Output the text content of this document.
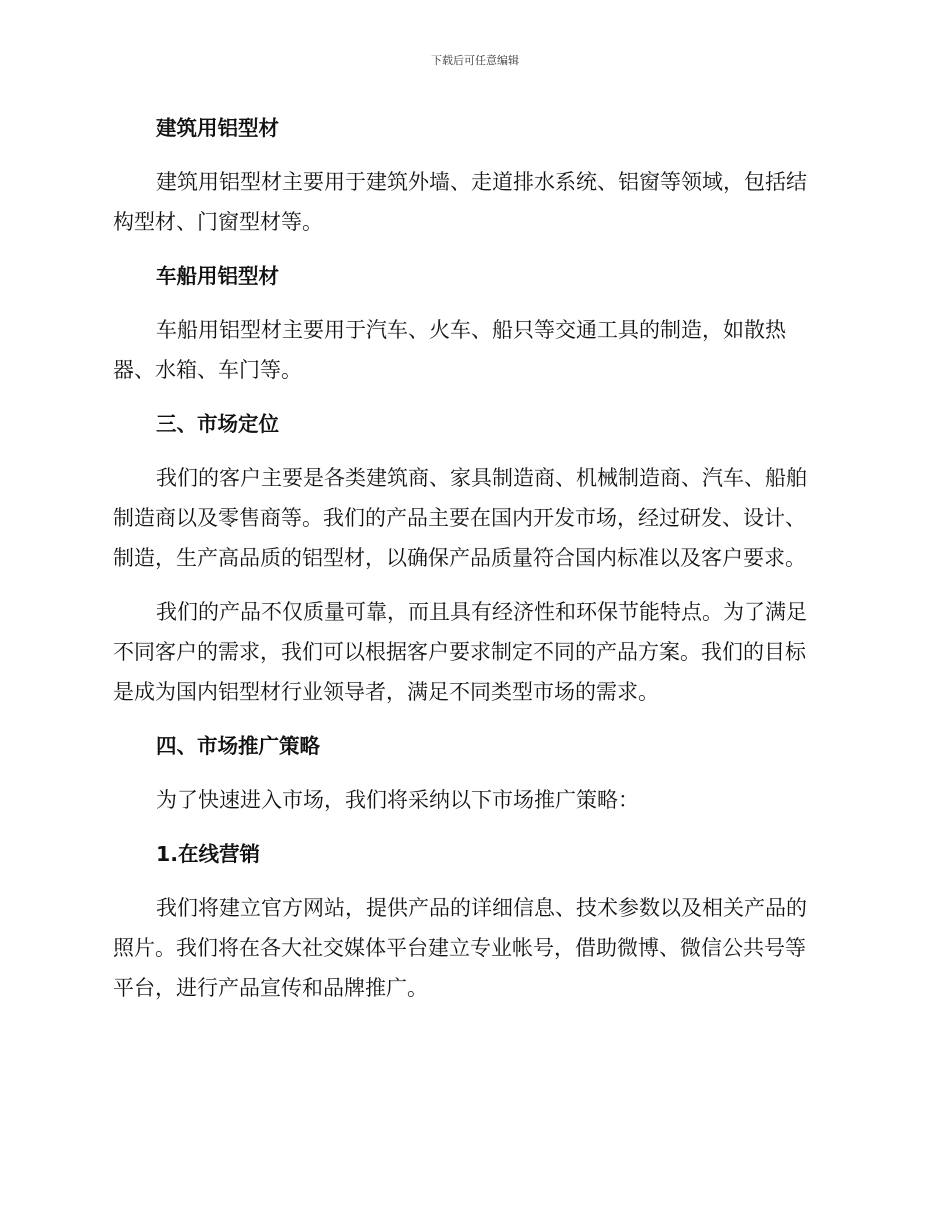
下载后可任意编辑
建筑用铝型材

建筑用铝型材主要用于建筑外墙、走道排水系统、铝窗等领域，包括结
构型材、门窗型材等。

车船用铝型材

车船用铝型材主要用于汽车、火车、船只等交通工具的制造，如散热
器、水箱、车门等。

三、市场定位

我们的客户主要是各类建筑商、家具制造商、机械制造商、汽车、船舶
制造商以及零售商等。我们的产品主要在国内开发市场，经过研发、设计、
制造，生产高品质的铝型材，以确保产品质量符合国内标准以及客户要求。

我们的产品不仅质量可靠，而且具有经济性和环保节能特点。为了满足
不同客户的需求，我们可以根据客户要求制定不同的产品方案。我们的目标
是成为国内铝型材行业领导者，满足不同类型市场的需求。

四、市场推广策略

为了快速进入市场，我们将采纳以下市场推广策略：

1.在线营销

我们将建立官方网站，提供产品的详细信息、技术参数以及相关产品的
照片。我们将在各大社交媒体平台建立专业帐号，借助微博、微信公共号等
平台，进行产品宣传和品牌推广。
